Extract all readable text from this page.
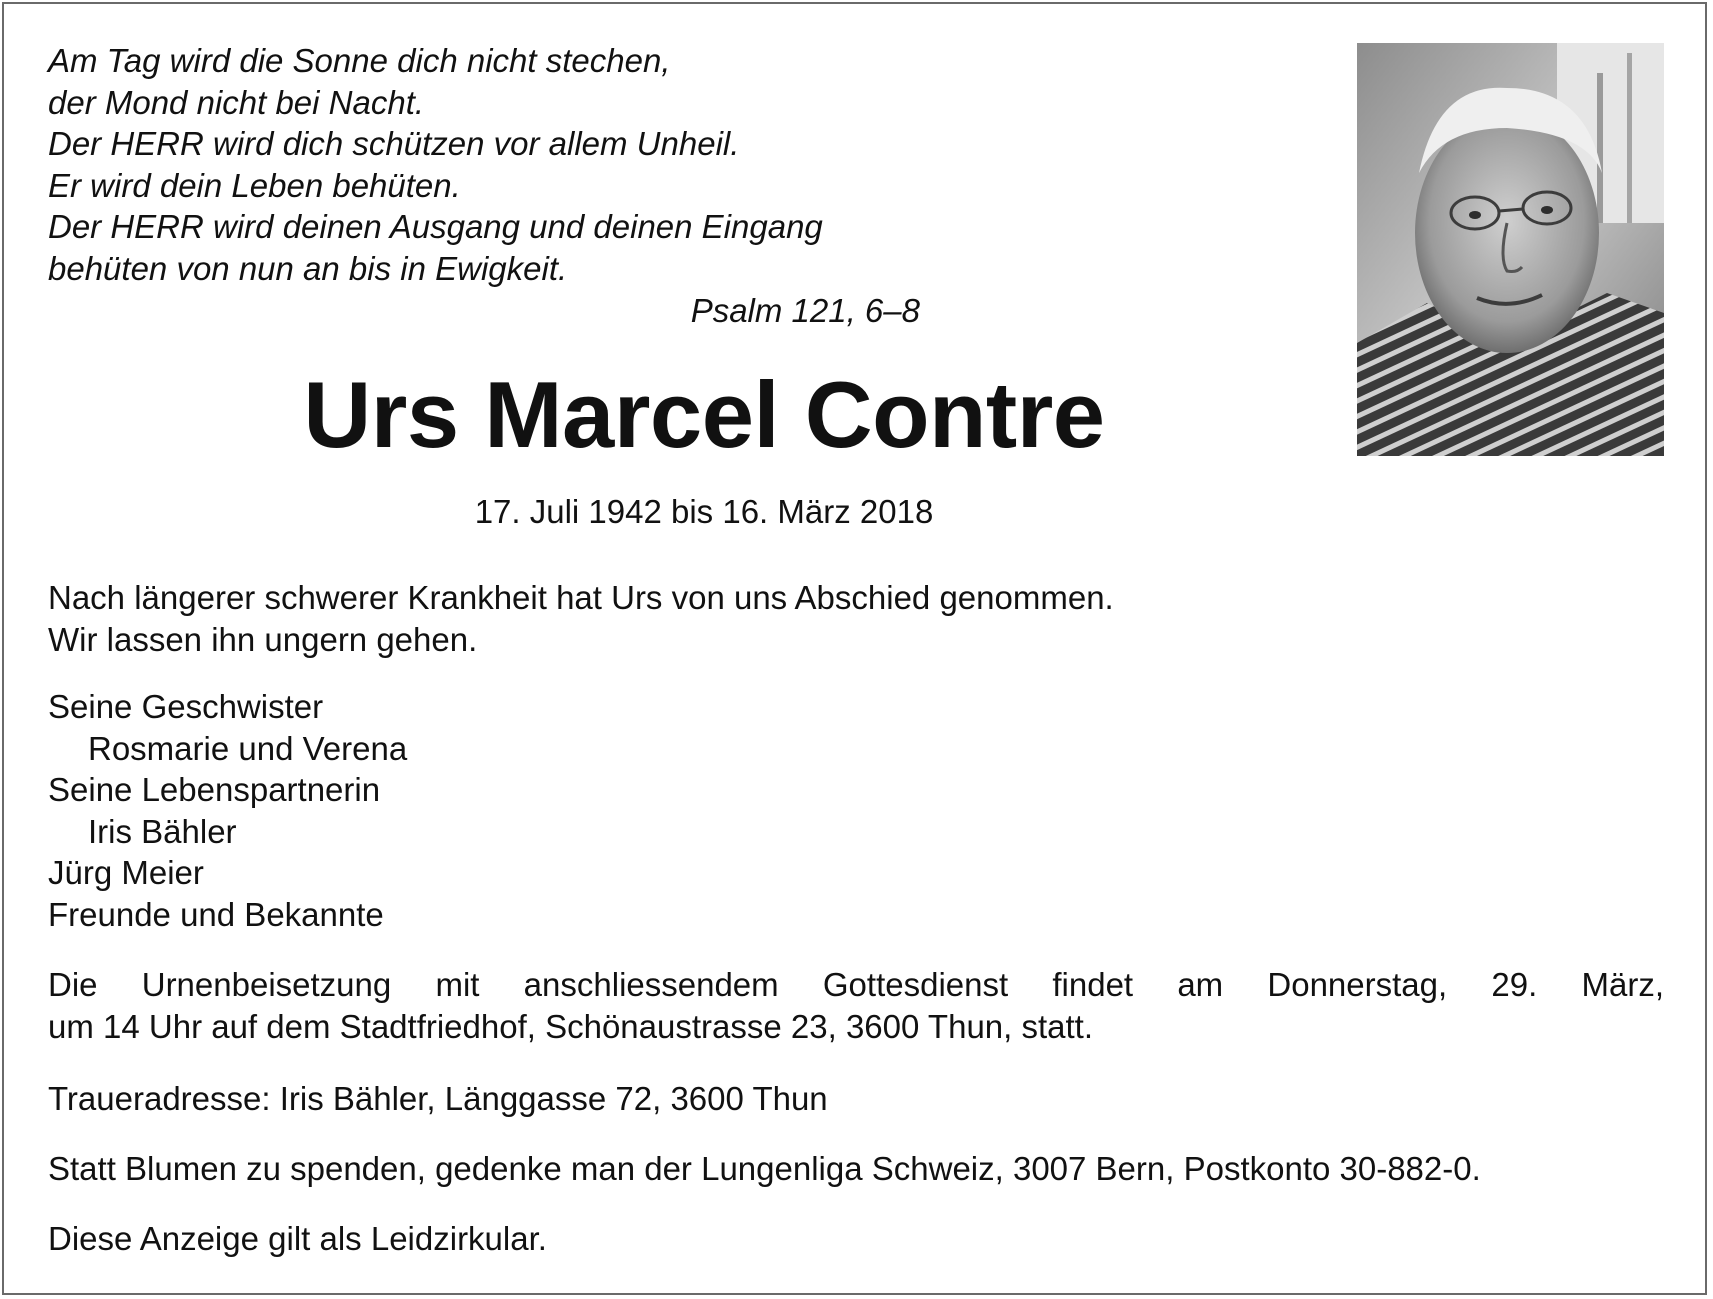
Am Tag wird die Sonne dich nicht stechen,
der Mond nicht bei Nacht.
Der HERR wird dich schützen vor allem Unheil.
Er wird dein Leben behüten.
Der HERR wird deinen Ausgang und deinen Eingang
behüten von nun an bis in Ewigkeit.
Psalm 121, 6–8
Urs Marcel Contre
17. Juli 1942 bis 16. März 2018
Nach längerer schwerer Krankheit hat Urs von uns Abschied genommen.
Wir lassen ihn ungern gehen.
Seine Geschwister
Rosmarie und Verena
Seine Lebenspartnerin
Iris Bähler
Jürg Meier
Freunde und Bekannte
Die Urnenbeisetzung mit anschliessendem Gottesdienst findet am Donnerstag, 29. März,
um 14 Uhr auf dem Stadtfriedhof, Schönaustrasse 23, 3600 Thun, statt.
Traueradresse: Iris Bähler, Länggasse 72, 3600 Thun
Statt Blumen zu spenden, gedenke man der Lungenliga Schweiz, 3007 Bern, Postkonto 30-882-0.
Diese Anzeige gilt als Leidzirkular.
